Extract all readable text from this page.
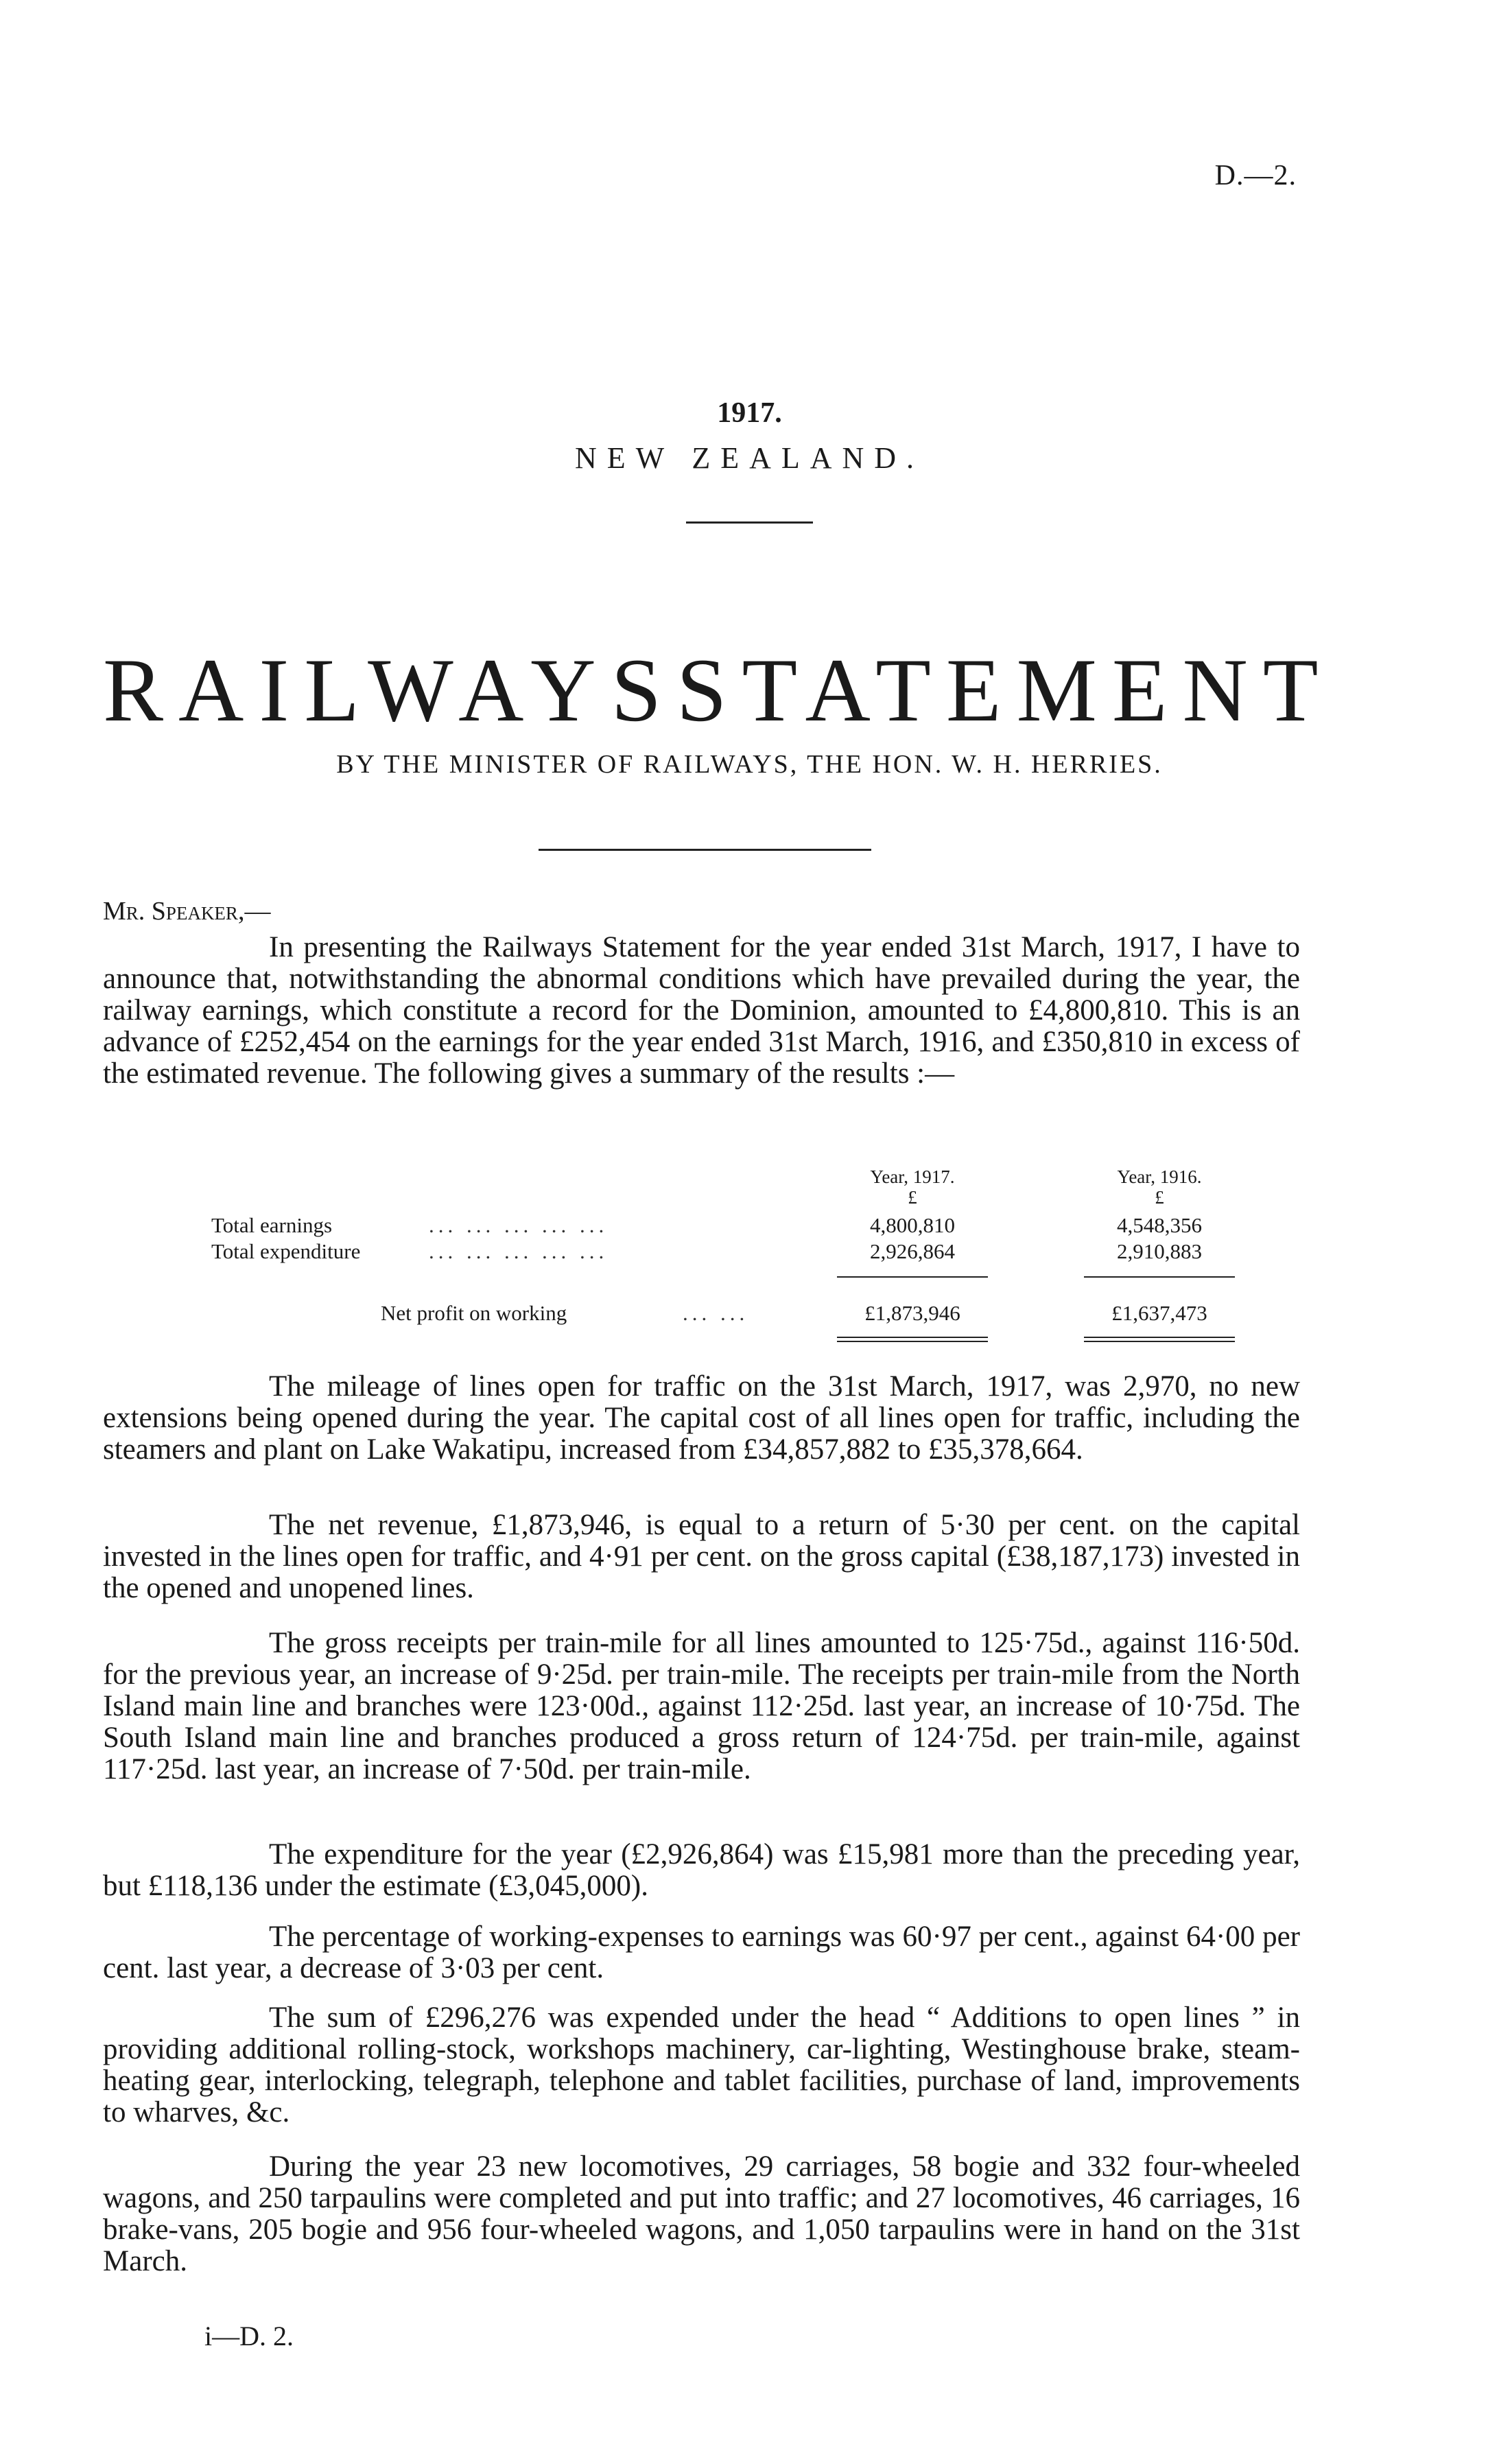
D.—2.
1917.
NEW ZEALAND.
RAILWAYS STATEMENT
BY THE MINISTER OF RAILWAYS, THE HON. W. H. HERRIES.
Mr. Speaker,—

In presenting the Railways Statement for the year ended 31st March, 1917, I have to announce that, notwithstanding the abnormal conditions which have prevailed during the year, the railway earnings, which constitute a record for the Dominion, amounted to £4,800,810. This is an advance of £252,454 on the earnings for the year ended 31st March, 1916, and £350,810 in excess of the estimated revenue. The following gives a summary of the results :—

Year, 1917.	Year, 1916.
£	£
Total earnings	... ... ... ... ...	4,800,810	4,548,356
Total expenditure	... ... ... ... ...	2,926,864	2,910,883
Net profit on working	... ...	£1,873,946	£1,637,473

The mileage of lines open for traffic on the 31st March, 1917, was 2,970, no new extensions being opened during the year. The capital cost of all lines open for traffic, including the steamers and plant on Lake Wakatipu, increased from £34,857,882 to £35,378,664.

The net revenue, £1,873,946, is equal to a return of 5·30 per cent. on the capital invested in the lines open for traffic, and 4·91 per cent. on the gross capital (£38,187,173) invested in the opened and unopened lines.

The gross receipts per train-mile for all lines amounted to 125·75d., against 116·50d. for the previous year, an increase of 9·25d. per train-mile. The receipts per train-mile from the North Island main line and branches were 123·00d., against 112·25d. last year, an increase of 10·75d. The South Island main line and branches produced a gross return of 124·75d. per train-mile, against 117·25d. last year, an increase of 7·50d. per train-mile.

The expenditure for the year (£2,926,864) was £15,981 more than the preceding year, but £118,136 under the estimate (£3,045,000).

The percentage of working-expenses to earnings was 60·97 per cent., against 64·00 per cent. last year, a decrease of 3·03 per cent.

The sum of £296,276 was expended under the head “ Additions to open lines ” in providing additional rolling-stock, workshops machinery, car-lighting, Westinghouse brake, steam-heating gear, interlocking, telegraph, telephone and tablet facilities, purchase of land, improvements to wharves, &c.

During the year 23 new locomotives, 29 carriages, 58 bogie and 332 four-wheeled wagons, and 250 tarpaulins were completed and put into traffic; and 27 locomotives, 46 carriages, 16 brake-vans, 205 bogie and 956 four-wheeled wagons, and 1,050 tarpaulins were in hand on the 31st March.

i—D. 2.
